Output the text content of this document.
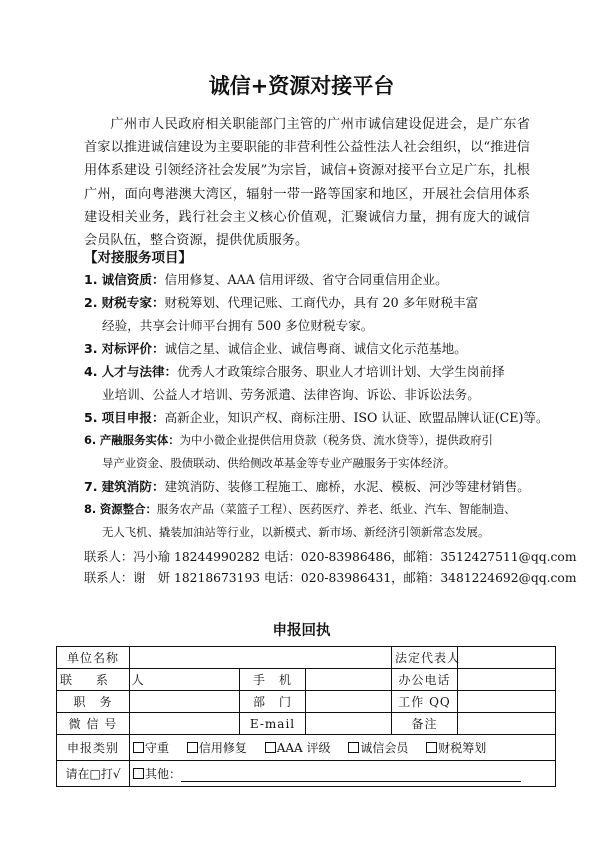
诚信+资源对接平台

广州市人民政府相关职能部门主管的广州市诚信建设促进会，是广东省首家以推进诚信建设为主要职能的非营利性公益性法人社会组织，以“推进信用体系建设 引领经济社会发展”为宗旨，诚信+资源对接平台立足广东，扎根广州，面向粤港澳大湾区，辐射一带一路等国家和地区，开展社会信用体系建设相关业务，践行社会主义核心价值观，汇聚诚信力量，拥有庞大的诚信会员队伍，整合资源，提供优质服务。

【对接服务项目】
1. 诚信资质：信用修复、AAA 信用评级、省守合同重信用企业。
2. 财税专家：财税筹划、代理记账、工商代办，具有 20 多年财税丰富
经验，共享会计师平台拥有 500 多位财税专家。
3. 对标评价：诚信之星、诚信企业、诚信粤商、诚信文化示范基地。
4. 人才与法律：优秀人才政策综合服务、职业人才培训计划、大学生岗前择
业培训、公益人才培训、劳务派遣、法律咨询、诉讼、非诉讼法务。
5. 项目申报：高新企业，知识产权、商标注册、ISO 认证、欧盟品牌认证(CE)等。
6. 产融服务实体：为中小微企业提供信用贷款（税务贷、流水贷等），提供政府引
导产业资金、股债联动、供给侧改革基金等专业产融服务于实体经济。
7. 建筑消防：建筑消防、装修工程施工、廊桥，水泥、模板、河沙等建材销售。
8. 资源整合：服务农产品（菜篮子工程）、医药医疗、养老、纸业、汽车、智能制造、
无人飞机、撬装加油站等行业，以新模式、新市场、新经济引领新常态发展。
联系人：冯小瑜 18244990282 电话：020-83986486，邮箱：3512427511@qq.com
联系人：谢　妍 18218673193 电话：020-83986431，邮箱：3481224692@qq.com
申报回执
单位名称				法定代表人	
联 系 人		手　机		办公电话	
职　务		部　门		工作 QQ	
微 信 号		E-mail		备注	
申报类别	守重 信用修复 AAA 评级 诚信会员 财税筹划				
请在□打√	其他：				
